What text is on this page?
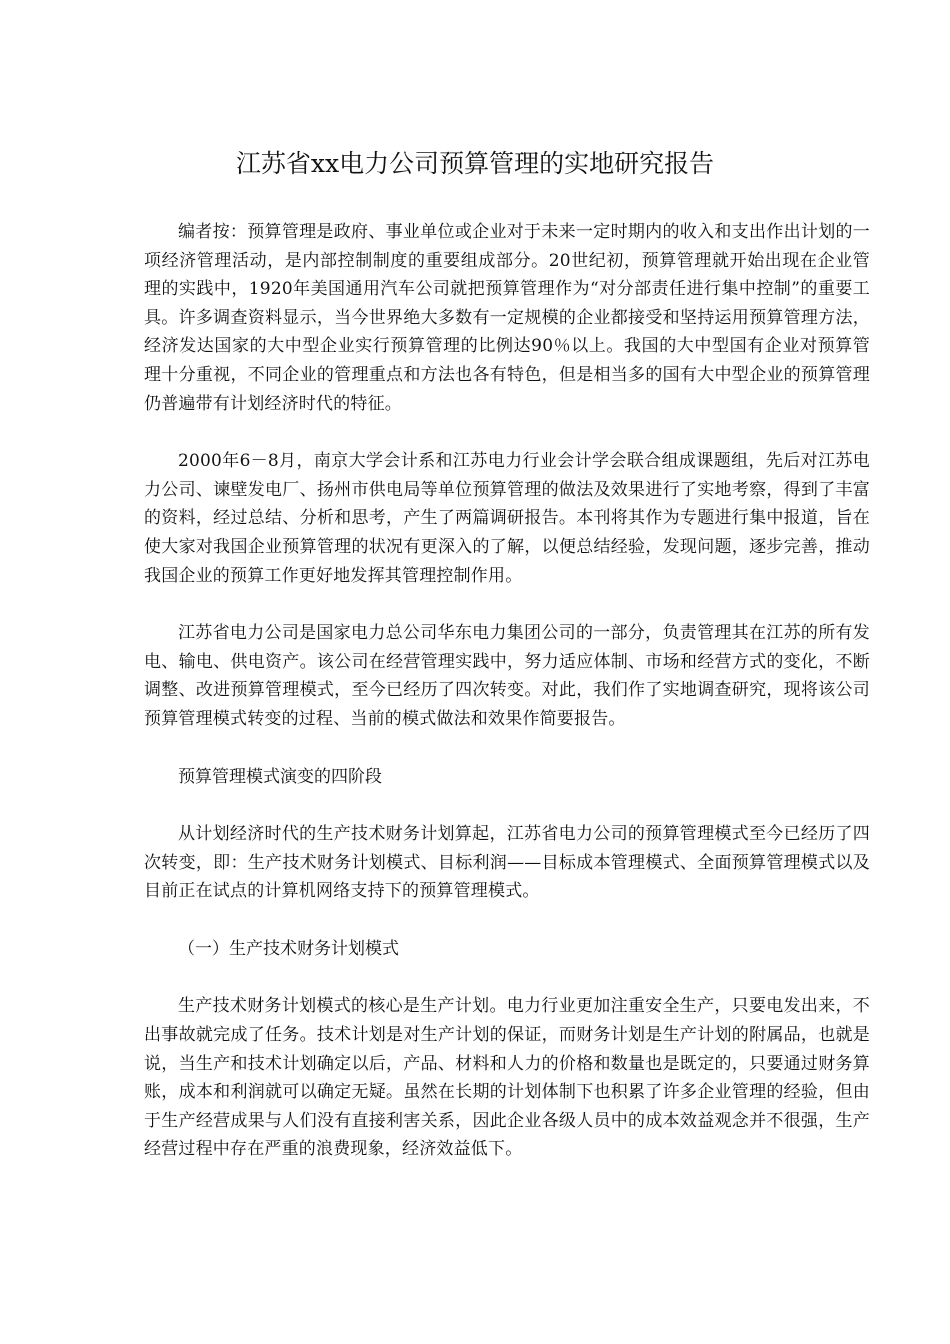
江苏省xx电力公司预算管理的实地研究报告

编者按：预算管理是政府、事业单位或企业对于未来一定时期内的收入和支出作出计划的一项经济管理活动，是内部控制制度的重要组成部分。20世纪初，预算管理就开始出现在企业管理的实践中，1920年美国通用汽车公司就把预算管理作为“对分部责任进行集中控制”的重要工具。许多调查资料显示，当今世界绝大多数有一定规模的企业都接受和坚持运用预算管理方法，经济发达国家的大中型企业实行预算管理的比例达90％以上。我国的大中型国有企业对预算管理十分重视，不同企业的管理重点和方法也各有特色，但是相当多的国有大中型企业的预算管理仍普遍带有计划经济时代的特征。

2000年6－8月，南京大学会计系和江苏电力行业会计学会联合组成课题组，先后对江苏电力公司、谏壁发电厂、扬州市供电局等单位预算管理的做法及效果进行了实地考察，得到了丰富的资料，经过总结、分析和思考，产生了两篇调研报告。本刊将其作为专题进行集中报道，旨在使大家对我国企业预算管理的状况有更深入的了解，以便总结经验，发现问题，逐步完善，推动我国企业的预算工作更好地发挥其管理控制作用。

江苏省电力公司是国家电力总公司华东电力集团公司的一部分，负责管理其在江苏的所有发电、输电、供电资产。该公司在经营管理实践中，努力适应体制、市场和经营方式的变化，不断调整、改进预算管理模式，至今已经历了四次转变。对此，我们作了实地调查研究，现将该公司预算管理模式转变的过程、当前的模式做法和效果作简要报告。

预算管理模式演变的四阶段

从计划经济时代的生产技术财务计划算起，江苏省电力公司的预算管理模式至今已经历了四次转变，即：生产技术财务计划模式、目标利润——目标成本管理模式、全面预算管理模式以及目前正在试点的计算机网络支持下的预算管理模式。

（一）生产技术财务计划模式

生产技术财务计划模式的核心是生产计划。电力行业更加注重安全生产，只要电发出来，不出事故就完成了任务。技术计划是对生产计划的保证，而财务计划是生产计划的附属品，也就是说，当生产和技术计划确定以后，产品、材料和人力的价格和数量也是既定的，只要通过财务算账，成本和利润就可以确定无疑。虽然在长期的计划体制下也积累了许多企业管理的经验，但由于生产经营成果与人们没有直接利害关系，因此企业各级人员中的成本效益观念并不很强，生产经营过程中存在严重的浪费现象，经济效益低下。
